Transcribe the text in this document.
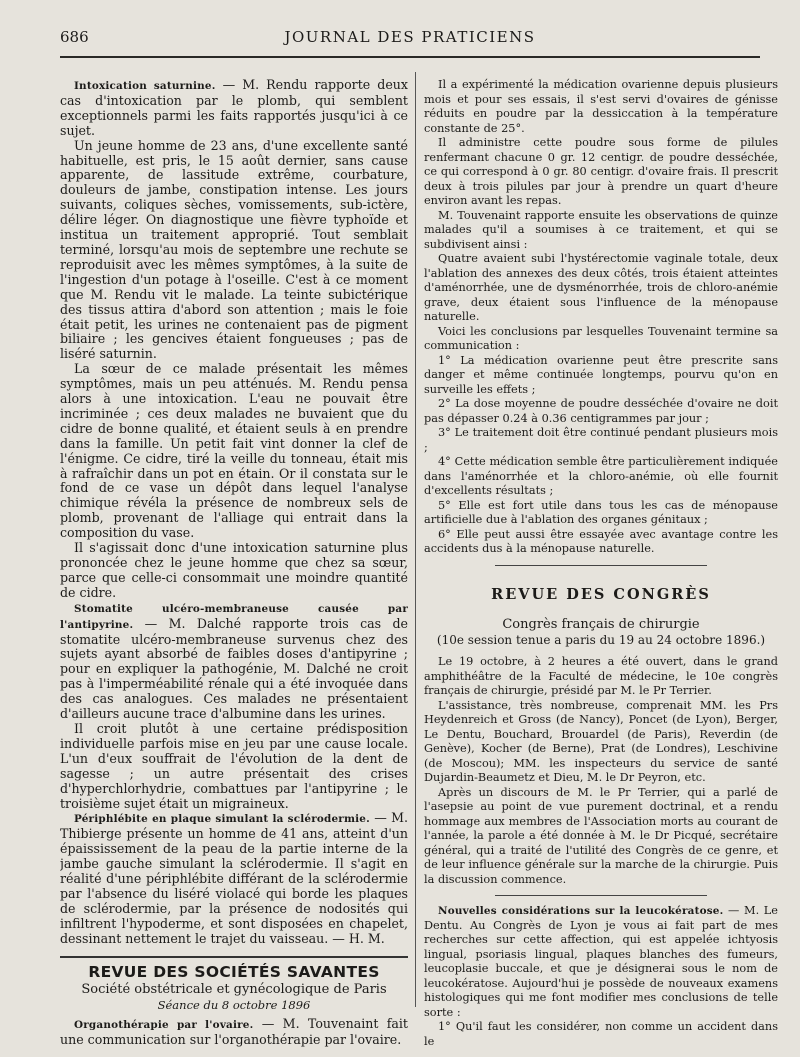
686	JOURNAL DES PRATICIENS

Intoxication saturnine. — M. Rendu rapporte deux cas d'intoxication par le plomb, qui semblent exceptionnels parmi les faits rapportés jusqu'ici à ce sujet.

Un jeune homme de 23 ans, d'une excellente santé habituelle, est pris, le 15 août dernier, sans cause apparente, de lassitude extrême, courbature, douleurs de jambe, constipation intense. Les jours suivants, coliques sèches, vomissements, sub-ictère, délire léger. On diagnostique une fièvre typhoïde et institua un traitement approprié. Tout semblait terminé, lorsqu'au mois de septembre une rechute se reproduisit avec les mêmes symptômes, à la suite de l'ingestion d'un potage à l'oseille. C'est à ce moment que M. Rendu vit le malade. La teinte subictérique des tissus attira d'abord son attention ; mais le foie était petit, les urines ne contenaient pas de pigment biliaire ; les gencives étaient fongueuses ; pas de liséré saturnin.

La sœur de ce malade présentait les mêmes symptômes, mais un peu atténués. M. Rendu pensa alors à une intoxication. L'eau ne pouvait être incriminée ; ces deux malades ne buvaient que du cidre de bonne qualité, et étaient seuls à en prendre dans la famille. Un petit fait vint donner la clef de l'énigme. Ce cidre, tiré la veille du tonneau, était mis à rafraîchir dans un pot en étain. Or il constata sur le fond de ce vase un dépôt dans lequel l'analyse chimique révéla la présence de nombreux sels de plomb, provenant de l'alliage qui entrait dans la composition du vase.

Il s'agissait donc d'une intoxication saturnine plus prononcée chez le jeune homme que chez sa sœur, parce que celle-ci consommait une moindre quantité de cidre.

Stomatite ulcéro-membraneuse causée par l'antipyrine. — M. Dalché rapporte trois cas de stomatite ulcéro-membraneuse survenus chez des sujets ayant absorbé de faibles doses d'antipyrine ; pour en expliquer la pathogénie, M. Dalché ne croit pas à l'imperméabilité rénale qui a été invoquée dans des cas analogues. Ces malades ne présentaient d'ailleurs aucune trace d'albumine dans les urines.

Il croit plutôt à une certaine prédisposition individuelle parfois mise en jeu par une cause locale. L'un d'eux souffrait de l'évolution de la dent de sagesse ; un autre présentait des crises d'hyperchlorhydrie, combattues par l'antipyrine ; le troisième sujet était un migraineux.

Périphlébite en plaque simulant la sclérodermie. — M. Thibierge présente un homme de 41 ans, atteint d'un épaississement de la peau de la partie interne de la jambe gauche simulant la sclérodermie. Il s'agit en réalité d'une périphlébite différant de la sclérodermie par l'absence du liséré violacé qui borde les plaques de sclérodermie, par la présence de nodosités qui infiltrent l'hypoderme, et sont disposées en chapelet, dessinant nettement le trajet du vaisseau. — H. M.

REVUE DES SOCIÉTÉS SAVANTES

Société obstétricale et gynécologique de Paris

Séance du 8 octobre 1896

Organothérapie par l'ovaire. — M. Touvenaint fait une communication sur l'organothérapie par l'ovaire.

Il a expérimenté la médication ovarienne depuis plusieurs mois et pour ses essais, il s'est servi d'ovaires de génisse réduits en poudre par la dessiccation à la température constante de 25°.

Il administre cette poudre sous forme de pilules renfermant chacune 0 gr. 12 centigr. de poudre desséchée, ce qui correspond à 0 gr. 80 centigr. d'ovaire frais. Il prescrit deux à trois pilules par jour à prendre un quart d'heure environ avant les repas.

M. Touvenaint rapporte ensuite les observations de quinze malades qu'il a soumises à ce traitement, et qui se subdivisent ainsi :

Quatre avaient subi l'hystérectomie vaginale totale, deux l'ablation des annexes des deux côtés, trois étaient atteintes d'aménorrhée, une de dysménorrhée, trois de chloro-anémie grave, deux étaient sous l'influence de la ménopause naturelle.

Voici les conclusions par lesquelles Touvenaint termine sa communication :

1° La médication ovarienne peut être prescrite sans danger et même continuée longtemps, pourvu qu'on en surveille les effets ;

2° La dose moyenne de poudre desséchée d'ovaire ne doit pas dépasser 0.24 à 0.36 centigrammes par jour ;

3° Le traitement doit être continué pendant plusieurs mois ;

4° Cette médication semble être particulièrement indiquée dans l'aménorrhée et la chloro-anémie, où elle fournit d'excellents résultats ;

5° Elle est fort utile dans tous les cas de ménopause artificielle due à l'ablation des organes génitaux ;

6° Elle peut aussi être essayée avec avantage contre les accidents dus à la ménopause naturelle.

REVUE DES CONGRÈS

Congrès français de chirurgie

(10e session tenue a paris du 19 au 24 octobre 1896.)

Le 19 octobre, à 2 heures a été ouvert, dans le grand amphithéâtre de la Faculté de médecine, le 10e congrès français de chirurgie, présidé par M. le Pr Terrier.

L'assistance, très nombreuse, comprenait MM. les Prs Heydenreich et Gross (de Nancy), Poncet (de Lyon), Berger, Le Dentu, Bouchard, Brouardel (de Paris), Reverdin (de Genève), Kocher (de Berne), Prat (de Londres), Leschivine (de Moscou); MM. les inspecteurs du service de santé Dujardin-Beaumetz et Dieu, M. le Dr Peyron, etc.

Après un discours de M. le Pr Terrier, qui a parlé de l'asepsie au point de vue purement doctrinal, et a rendu hommage aux membres de l'Association morts au courant de l'année, la parole a été donnée à M. le Dr Picqué, secrétaire général, qui a traité de l'utilité des Congrès de ce genre, et de leur influence générale sur la marche de la chirurgie. Puis la discussion commence.

Nouvelles considérations sur la leucokératose. — M. Le Dentu. Au Congrès de Lyon je vous ai fait part de mes recherches sur cette affection, qui est appelée ichtyosis lingual, psoriasis lingual, plaques blanches des fumeurs, leucoplasie buccale, et que je désignerai sous le nom de leucokératose. Aujourd'hui je possède de nouveaux examens histologiques qui me font modifier mes conclusions de telle sorte :

1° Qu'il faut les considérer, non comme un accident dans le
